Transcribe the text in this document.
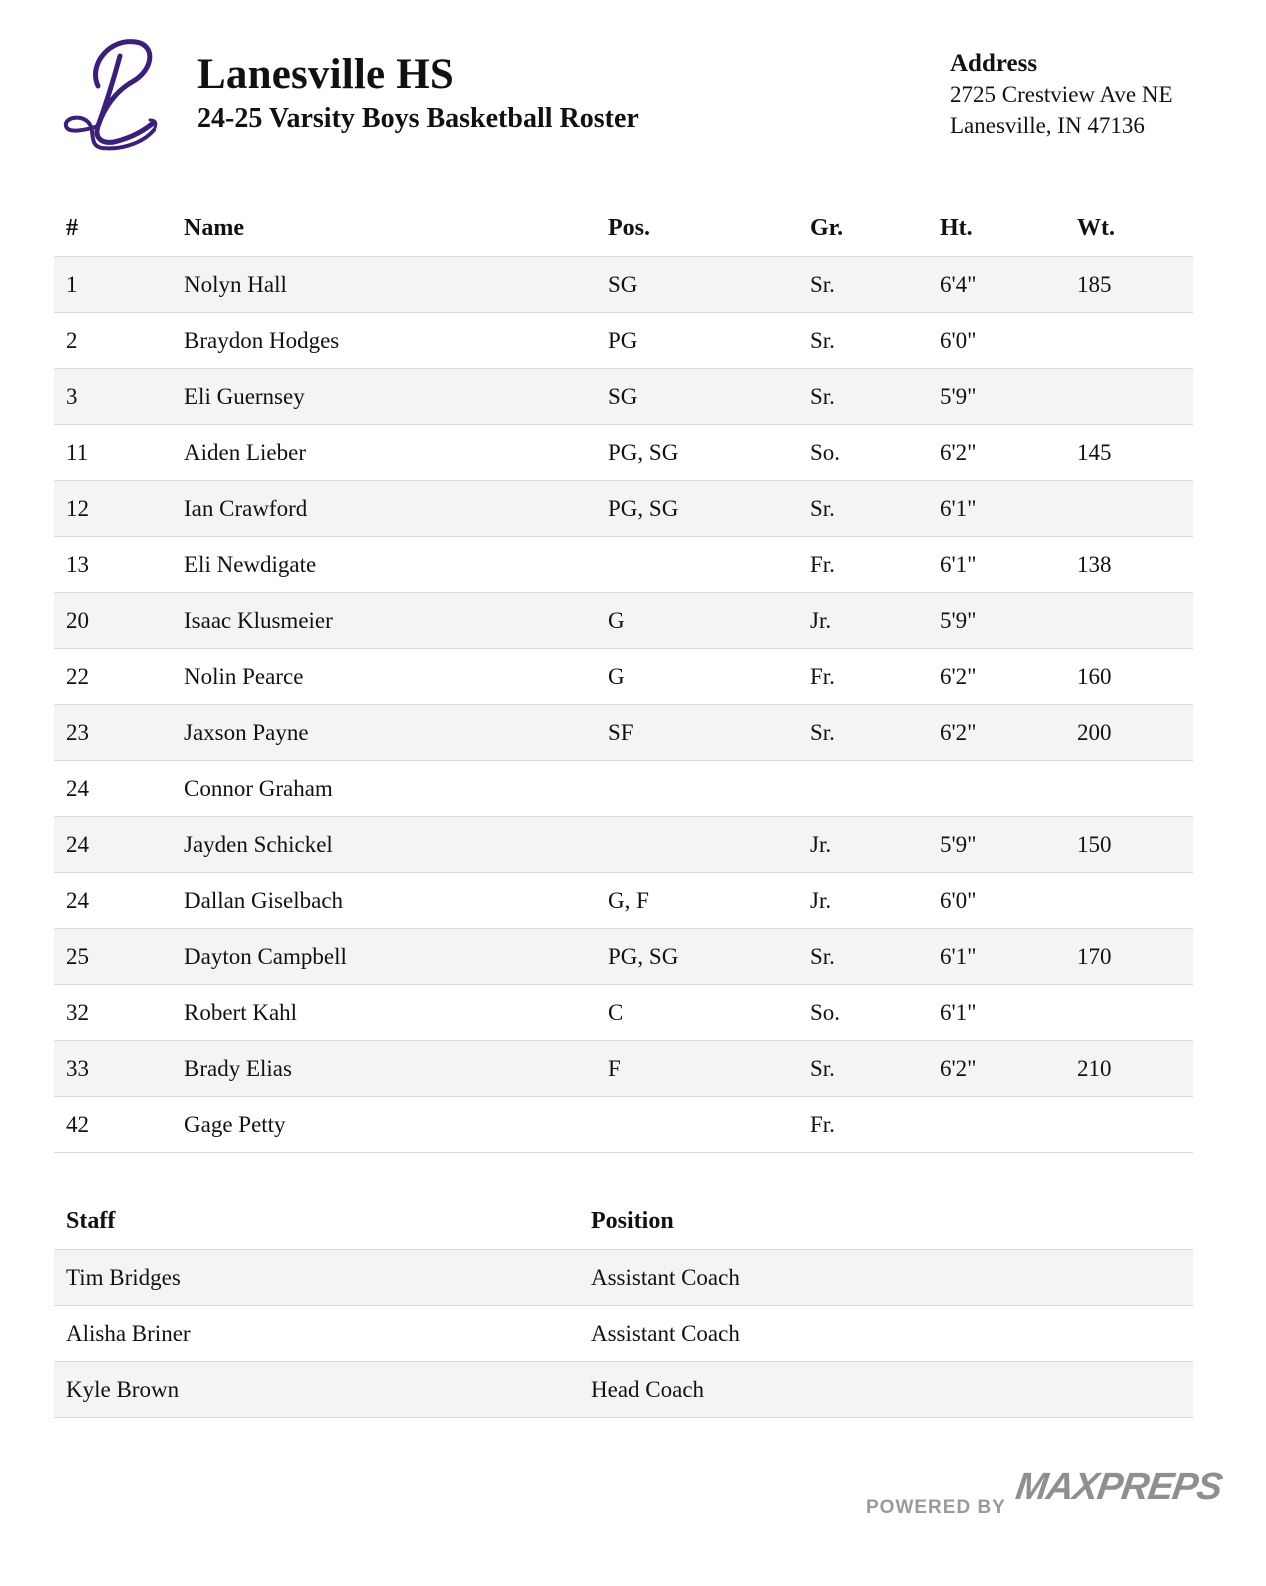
Lanesville HS
24-25 Varsity Boys Basketball Roster
Address
2725 Crestview Ave NE
Lanesville, IN 47136
#	Name	Pos.	Gr.	Ht.	Wt.
1	Nolyn Hall	SG	Sr.	6'4"	185
2	Braydon Hodges	PG	Sr.	6'0"	
3	Eli Guernsey	SG	Sr.	5'9"	
11	Aiden Lieber	PG, SG	So.	6'2"	145
12	Ian Crawford	PG, SG	Sr.	6'1"	
13	Eli Newdigate		Fr.	6'1"	138
20	Isaac Klusmeier	G	Jr.	5'9"	
22	Nolin Pearce	G	Fr.	6'2"	160
23	Jaxson Payne	SF	Sr.	6'2"	200
24	Connor Graham				
24	Jayden Schickel		Jr.	5'9"	150
24	Dallan Giselbach	G, F	Jr.	6'0"	
25	Dayton Campbell	PG, SG	Sr.	6'1"	170
32	Robert Kahl	C	So.	6'1"	
33	Brady Elias	F	Sr.	6'2"	210
42	Gage Petty		Fr.		
Staff	Position
Tim Bridges	Assistant Coach
Alisha Briner	Assistant Coach
Kyle Brown	Head Coach
POWERED BY MAXPREPS
